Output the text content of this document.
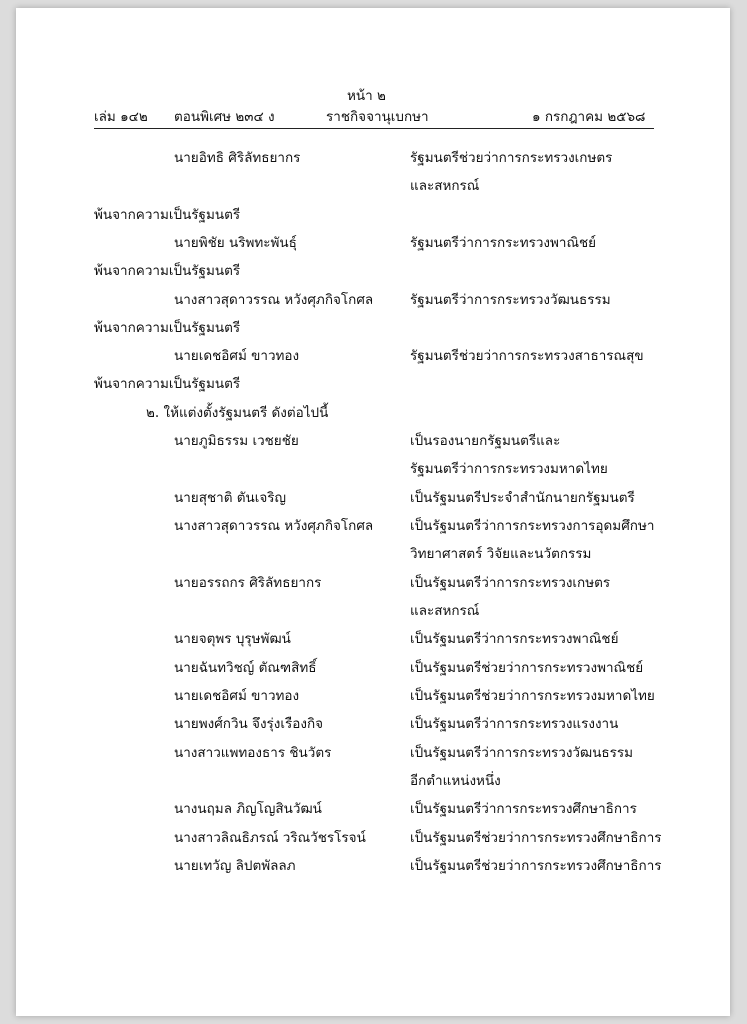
หน้า ๒
เล่ม ๑๔๒ ตอนพิเศษ ๒๓๔ ง	ราชกิจจานุเบกษา	๑ กรกฎาคม ๒๕๖๘
นายอิทธิ ศิริลัทธยากร	รัฐมนตรีช่วยว่าการกระทรวงเกษตร
และสหกรณ์
พ้นจากความเป็นรัฐมนตรี
นายพิชัย นริพทะพันธุ์	รัฐมนตรีว่าการกระทรวงพาณิชย์
พ้นจากความเป็นรัฐมนตรี
นางสาวสุดาวรรณ หวังศุภกิจโกศล	รัฐมนตรีว่าการกระทรวงวัฒนธรรม
พ้นจากความเป็นรัฐมนตรี
นายเดชอิศม์ ขาวทอง	รัฐมนตรีช่วยว่าการกระทรวงสาธารณสุข
พ้นจากความเป็นรัฐมนตรี
๒. ให้แต่งตั้งรัฐมนตรี ดังต่อไปนี้
นายภูมิธรรม เวชยชัย	เป็นรองนายกรัฐมนตรีและ
รัฐมนตรีว่าการกระทรวงมหาดไทย
นายสุชาติ ตันเจริญ	เป็นรัฐมนตรีประจำสำนักนายกรัฐมนตรี
นางสาวสุดาวรรณ หวังศุภกิจโกศล	เป็นรัฐมนตรีว่าการกระทรวงการอุดมศึกษา
วิทยาศาสตร์ วิจัยและนวัตกรรม
นายอรรถกร ศิริลัทธยากร	เป็นรัฐมนตรีว่าการกระทรวงเกษตร
และสหกรณ์
นายจตุพร บุรุษพัฒน์	เป็นรัฐมนตรีว่าการกระทรวงพาณิชย์
นายฉันทวิชญ์ ตัณฑสิทธิ์	เป็นรัฐมนตรีช่วยว่าการกระทรวงพาณิชย์
นายเดชอิศม์ ขาวทอง	เป็นรัฐมนตรีช่วยว่าการกระทรวงมหาดไทย
นายพงศ์กวิน จึงรุ่งเรืองกิจ	เป็นรัฐมนตรีว่าการกระทรวงแรงงาน
นางสาวแพทองธาร ชินวัตร	เป็นรัฐมนตรีว่าการกระทรวงวัฒนธรรม
อีกตำแหน่งหนึ่ง
นางนฤมล ภิญโญสินวัฒน์	เป็นรัฐมนตรีว่าการกระทรวงศึกษาธิการ
นางสาวลิณธิภรณ์ วริณวัชรโรจน์	เป็นรัฐมนตรีช่วยว่าการกระทรวงศึกษาธิการ
นายเทวัญ ลิปตพัลลภ	เป็นรัฐมนตรีช่วยว่าการกระทรวงศึกษาธิการ
